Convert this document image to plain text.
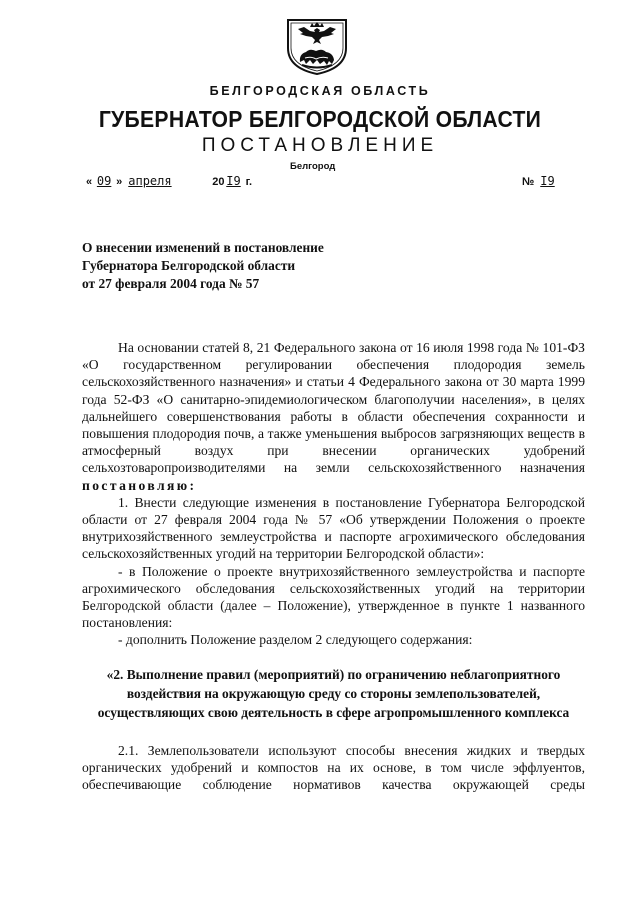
БЕЛГОРОДСКАЯ ОБЛАСТЬ
ГУБЕРНАТОР БЕЛГОРОДСКОЙ ОБЛАСТИ
ПОСТАНОВЛЕНИЕ
Белгород
« 09 » апреля	20 I9 г.	№ I9
О внесении изменений в постановление
Губернатора Белгородской области
от 27 февраля 2004 года № 57

На основании статей 8, 21 Федерального закона от 16 июля 1998 года № 101-ФЗ «О государственном регулировании обеспечения плодородия земель сельскохозяйственного назначения» и статьи 4 Федерального закона от 30 марта 1999 года 52-ФЗ «О санитарно-эпидемиологическом благополучии населения», в целях дальнейшего совершенствования работы в области обеспечения сохранности и повышения плодородия почв, а также уменьшения выбросов загрязняющих веществ в атмосферный воздух при внесении органических удобрений сельхозтоваропроизводителями на земли сельскохозяйственного назначения постановляю:

1. Внести следующие изменения в постановление Губернатора Белгородской области от 27 февраля 2004 года № 57 «Об утверждении Положения о проекте внутрихозяйственного землеустройства и паспорте агрохимического обследования сельскохозяйственных угодий на территории Белгородской области»:

- в Положение о проекте внутрихозяйственного землеустройства и паспорте агрохимического обследования сельскохозяйственных угодий на территории Белгородской области (далее – Положение), утвержденное в пункте 1 названного постановления:

- дополнить Положение разделом 2 следующего содержания:

«2. Выполнение правил (мероприятий) по ограничению неблагоприятного воздействия на окружающую среду со стороны землепользователей, осуществляющих свою деятельность в сфере агропромышленного комплекса

2.1. Землепользователи используют способы внесения жидких и твердых органических удобрений и компостов на их основе, в том числе эффлуентов, обеспечивающие соблюдение нормативов качества окружающей среды
